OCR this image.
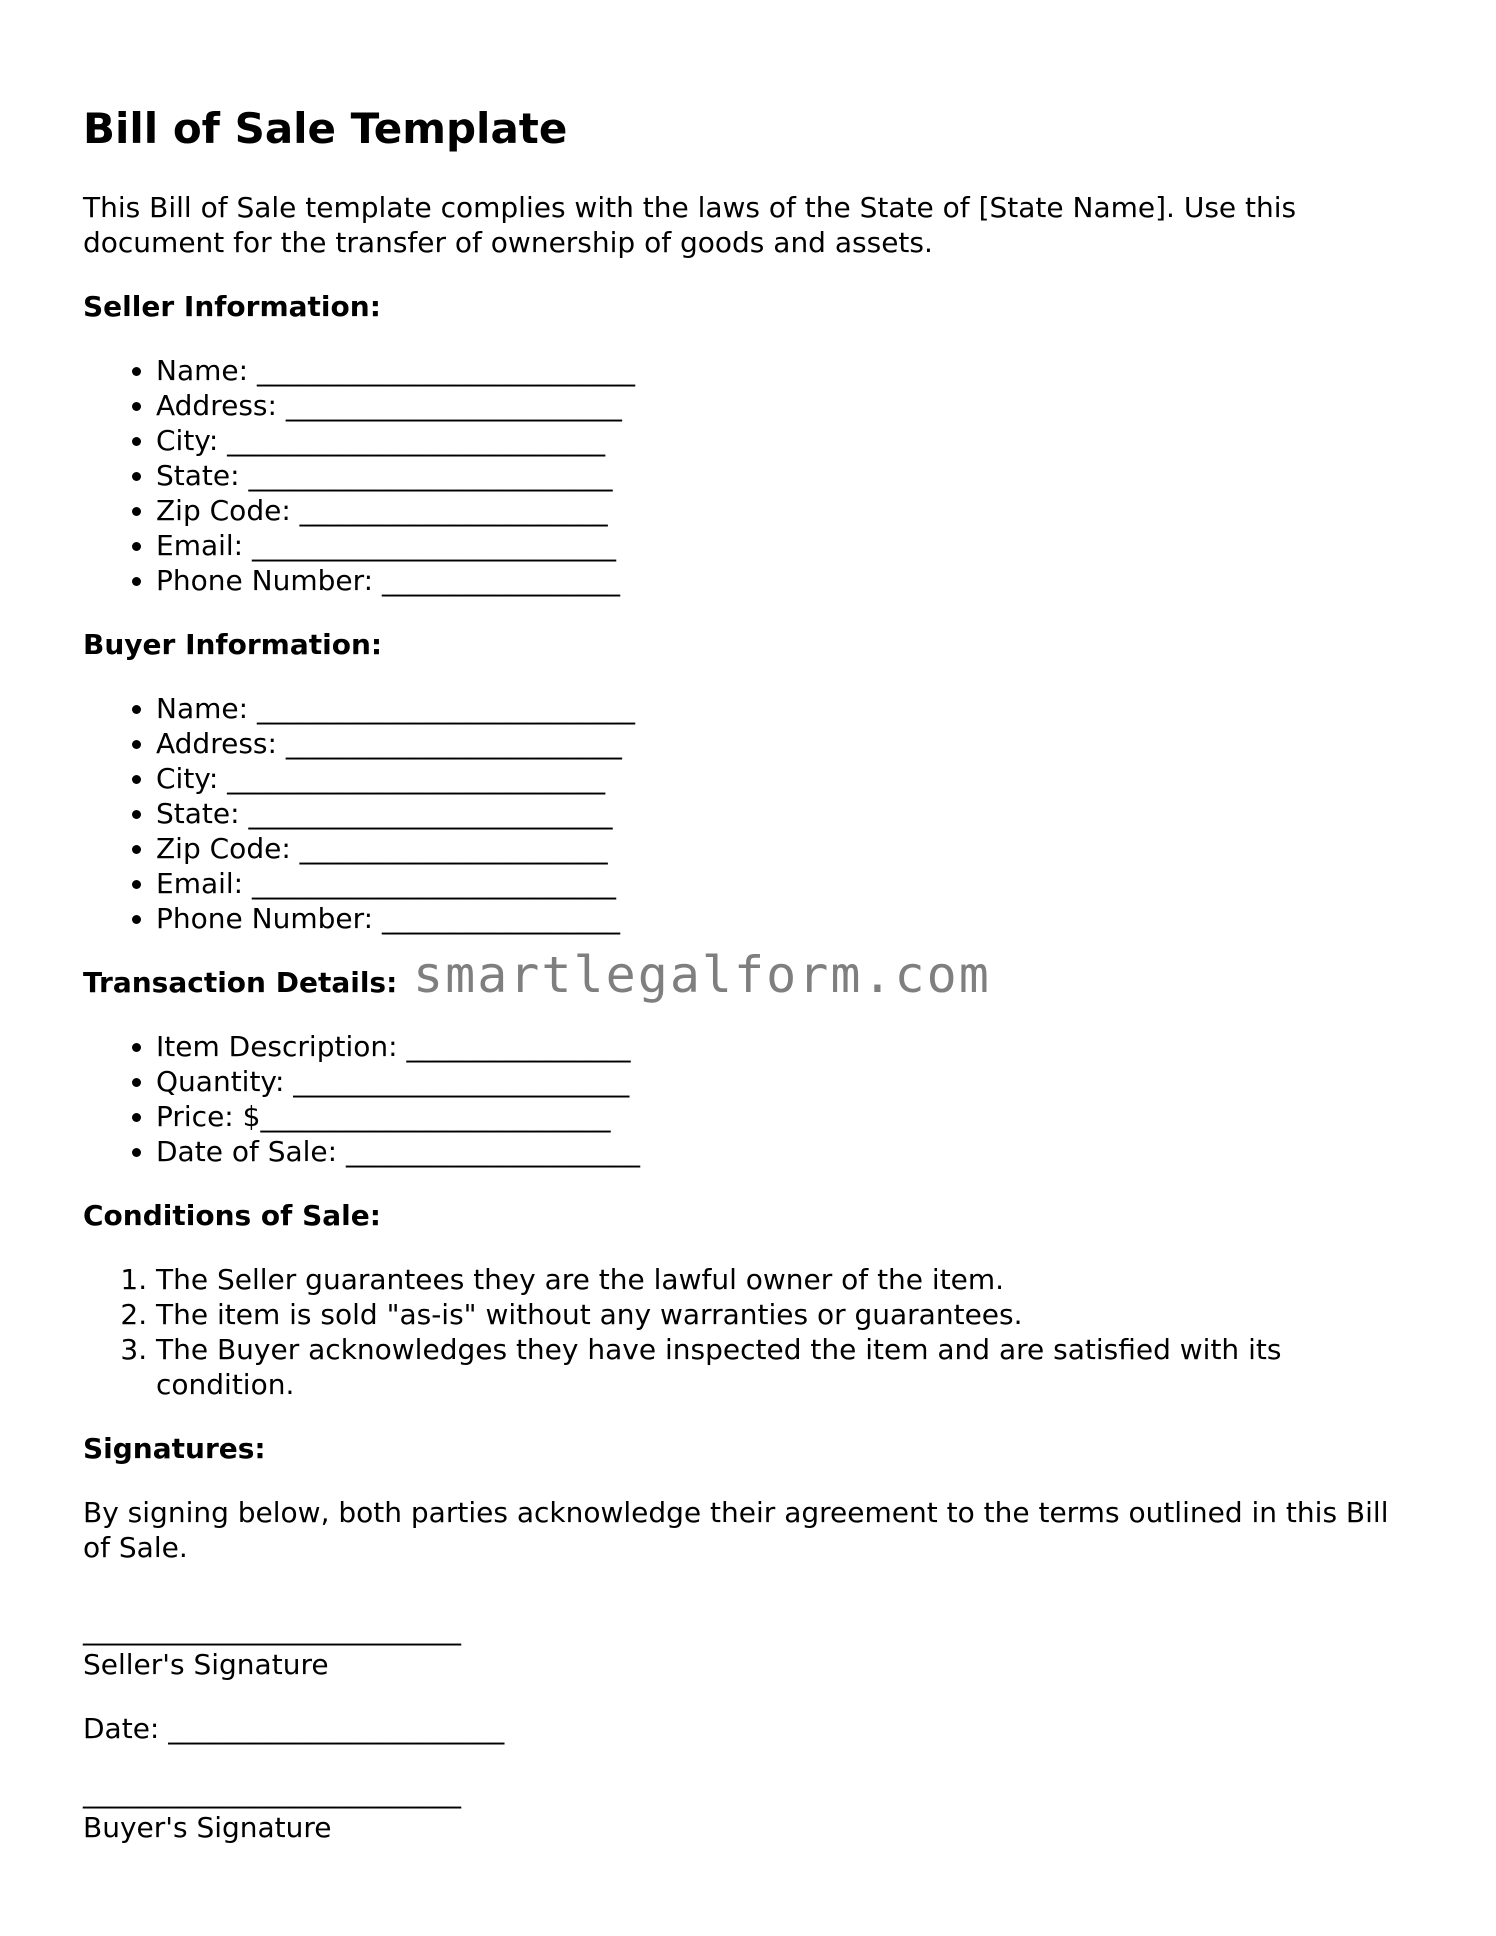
Bill of Sale Template

This Bill of Sale template complies with the laws of the State of [State Name]. Use this document for the transfer of ownership of goods and assets.

Seller Information:
• Name: ___________________________
• Address: ________________________
• City: ___________________________
• State: __________________________
• Zip Code: ______________________
• Email: __________________________
• Phone Number: _________________
Buyer Information:
• Name: ___________________________
• Address: ________________________
• City: ___________________________
• State: __________________________
• Zip Code: ______________________
• Email: __________________________
• Phone Number: _________________
Transaction Details:
• Item Description: ________________
• Quantity: ________________________
• Price: $_________________________
• Date of Sale: _____________________
Conditions of Sale:
1. The Seller guarantees they are the lawful owner of the item.
2. The item is sold "as-is" without any warranties or guarantees.
3. The Buyer acknowledges they have inspected the item and are satisfied with its condition.
Signatures:

By signing below, both parties acknowledge their agreement to the terms outlined in this Bill of Sale.

___________________________

Seller's Signature

Date: ________________________

___________________________

Buyer's Signature

smartlegalform.com
